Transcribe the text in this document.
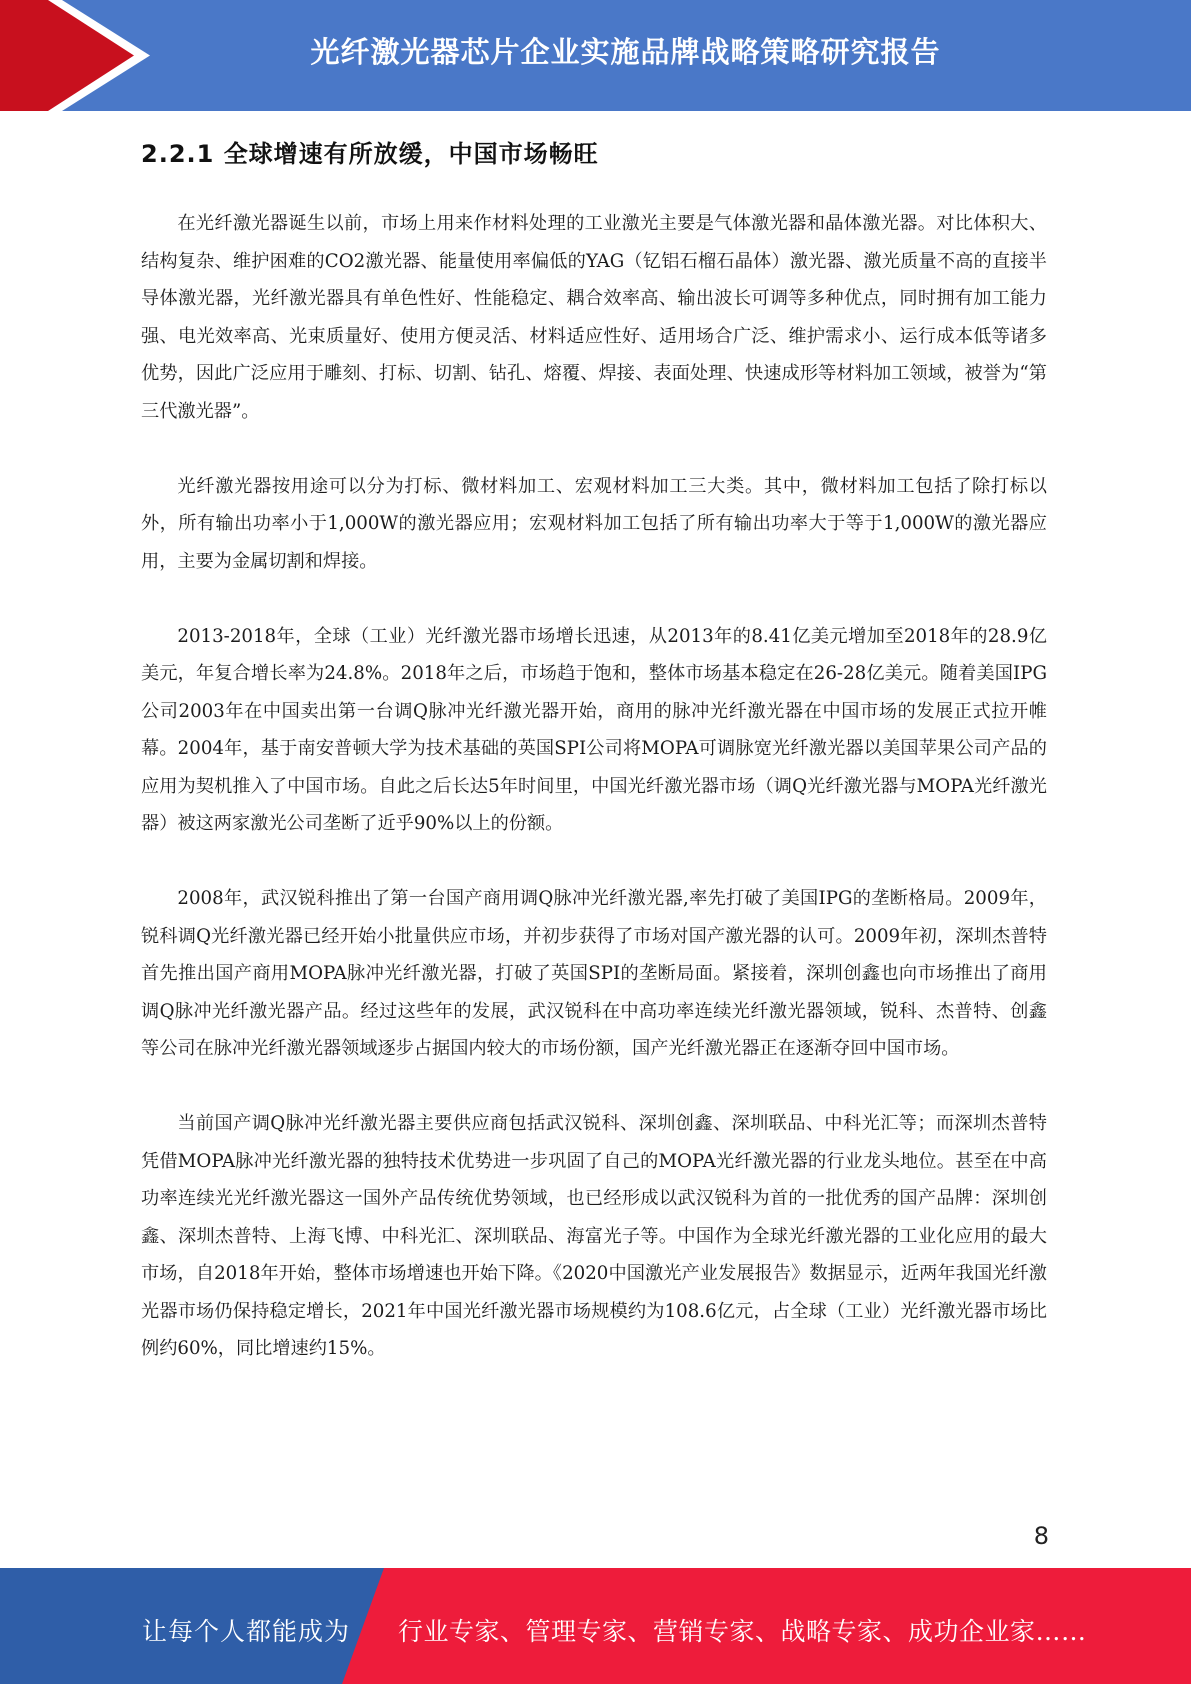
光纤激光器芯片企业实施品牌战略策略研究报告
2.2.1 全球增速有所放缓，中国市场畅旺

在光纤激光器诞生以前，市场上用来作材料处理的工业激光主要是气体激光器和晶体激光器。对比体积大、结构复杂、维护困难的CO2激光器、能量使用率偏低的YAG（钇铝石榴石晶体）激光器、激光质量不高的直接半导体激光器，光纤激光器具有单色性好、性能稳定、耦合效率高、输出波长可调等多种优点，同时拥有加工能力强、电光效率高、光束质量好、使用方便灵活、材料适应性好、适用场合广泛、维护需求小、运行成本低等诸多优势，因此广泛应用于雕刻、打标、切割、钻孔、熔覆、焊接、表面处理、快速成形等材料加工领域，被誉为“第三代激光器”。

光纤激光器按用途可以分为打标、微材料加工、宏观材料加工三大类。其中，微材料加工包括了除打标以外，所有输出功率小于1,000W的激光器应用；宏观材料加工包括了所有输出功率大于等于1,000W的激光器应用，主要为金属切割和焊接。

2013-2018年，全球（工业）光纤激光器市场增长迅速，从2013年的8.41亿美元增加至2018年的28.9亿美元，年复合增长率为24.8%。2018年之后，市场趋于饱和，整体市场基本稳定在26-28亿美元。随着美国IPG公司2003年在中国卖出第一台调Q脉冲光纤激光器开始，商用的脉冲光纤激光器在中国市场的发展正式拉开帷幕。2004年，基于南安普顿大学为技术基础的英国SPI公司将MOPA可调脉宽光纤激光器以美国苹果公司产品的应用为契机推入了中国市场。自此之后长达5年时间里，中国光纤激光器市场（调Q光纤激光器与MOPA光纤激光器）被这两家激光公司垄断了近乎90%以上的份额。

2008年，武汉锐科推出了第一台国产商用调Q脉冲光纤激光器,率先打破了美国IPG的垄断格局。2009年，锐科调Q光纤激光器已经开始小批量供应市场，并初步获得了市场对国产激光器的认可。2009年初，深圳杰普特首先推出国产商用MOPA脉冲光纤激光器，打破了英国SPI的垄断局面。紧接着，深圳创鑫也向市场推出了商用调Q脉冲光纤激光器产品。经过这些年的发展，武汉锐科在中高功率连续光纤激光器领域，锐科、杰普特、创鑫等公司在脉冲光纤激光器领域逐步占据国内较大的市场份额，国产光纤激光器正在逐渐夺回中国市场。

当前国产调Q脉冲光纤激光器主要供应商包括武汉锐科、深圳创鑫、深圳联品、中科光汇等；而深圳杰普特凭借MOPA脉冲光纤激光器的独特技术优势进一步巩固了自己的MOPA光纤激光器的行业龙头地位。甚至在中高功率连续光光纤激光器这一国外产品传统优势领域，也已经形成以武汉锐科为首的一批优秀的国产品牌：深圳创鑫、深圳杰普特、上海飞博、中科光汇、深圳联品、海富光子等。中国作为全球光纤激光器的工业化应用的最大市场，自2018年开始，整体市场增速也开始下降。《2020中国激光产业发展报告》数据显示，近两年我国光纤激光器市场仍保持稳定增长，2021年中国光纤激光器市场规模约为108.6亿元，占全球（工业）光纤激光器市场比例约60%，同比增速约15%。

8
让每个人都能成为 行业专家、管理专家、营销专家、战略专家、成功企业家……
